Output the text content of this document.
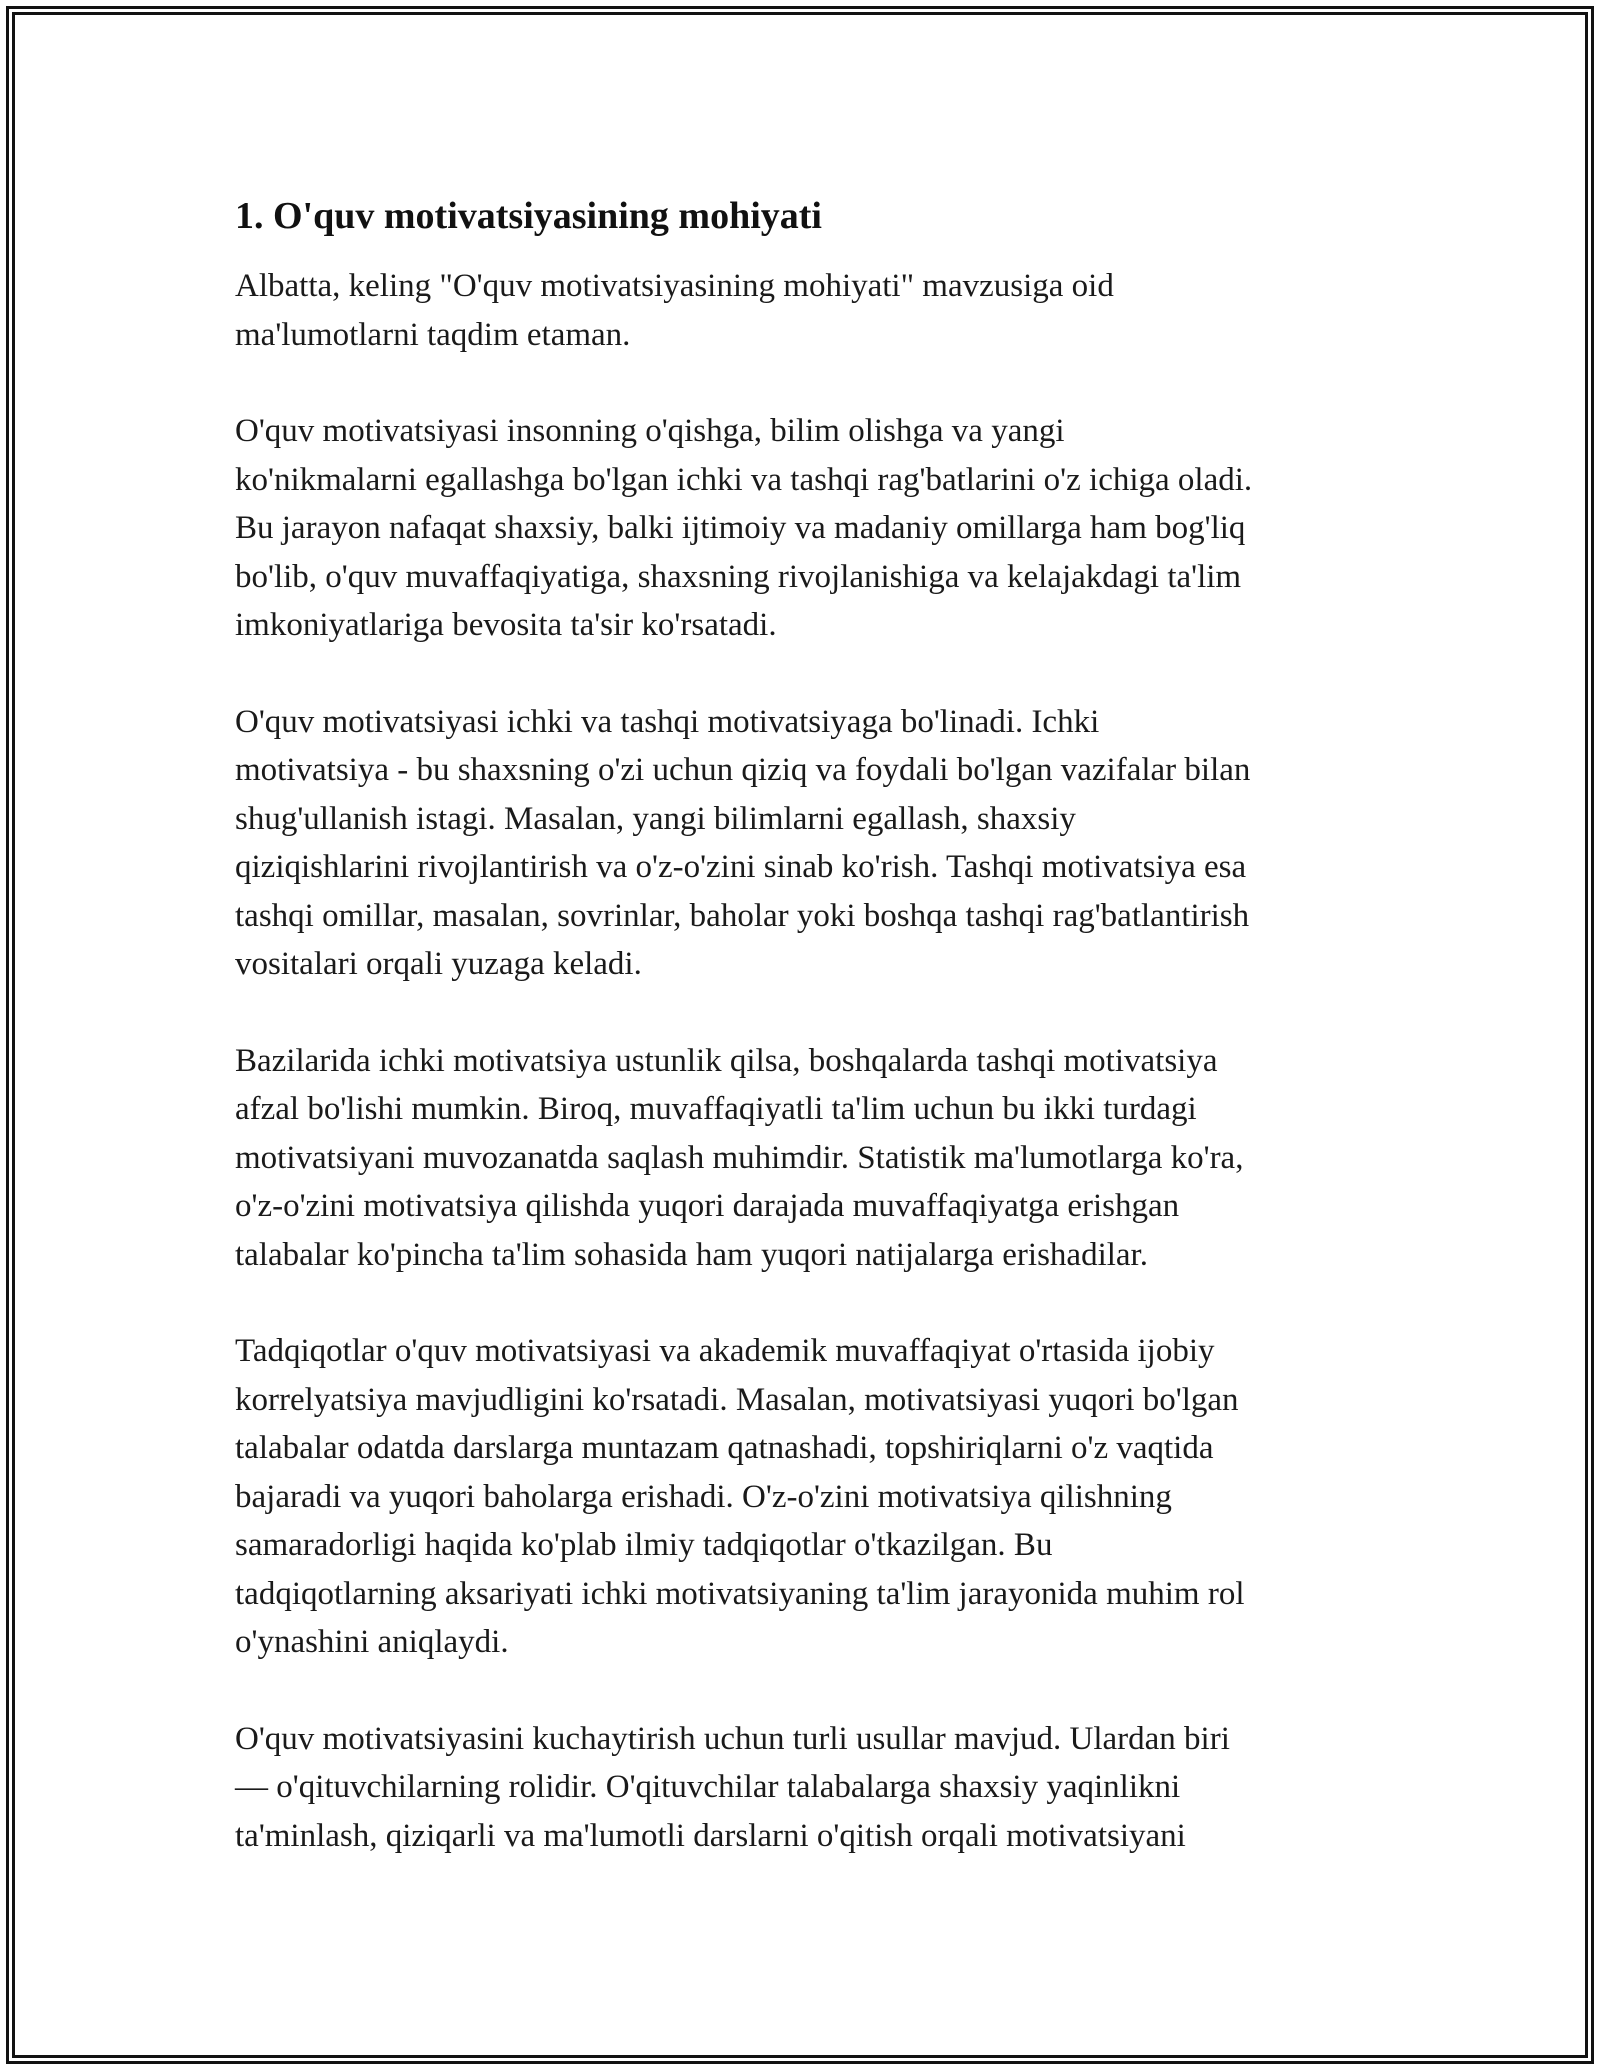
1. O'quv motivatsiyasining mohiyati

Albatta, keling "O'quv motivatsiyasining mohiyati" mavzusiga oid
ma'lumotlarni taqdim etaman.

O'quv motivatsiyasi insonning o'qishga, bilim olishga va yangi
ko'nikmalarni egallashga bo'lgan ichki va tashqi rag'batlarini o'z ichiga oladi.
Bu jarayon nafaqat shaxsiy, balki ijtimoiy va madaniy omillarga ham bog'liq
bo'lib, o'quv muvaffaqiyatiga, shaxsning rivojlanishiga va kelajakdagi ta'lim
imkoniyatlariga bevosita ta'sir ko'rsatadi.

O'quv motivatsiyasi ichki va tashqi motivatsiyaga bo'linadi. Ichki
motivatsiya - bu shaxsning o'zi uchun qiziq va foydali bo'lgan vazifalar bilan
shug'ullanish istagi. Masalan, yangi bilimlarni egallash, shaxsiy
qiziqishlarini rivojlantirish va o'z-o'zini sinab ko'rish. Tashqi motivatsiya esa
tashqi omillar, masalan, sovrinlar, baholar yoki boshqa tashqi rag'batlantirish
vositalari orqali yuzaga keladi.

Bazilarida ichki motivatsiya ustunlik qilsa, boshqalarda tashqi motivatsiya
afzal bo'lishi mumkin. Biroq, muvaffaqiyatli ta'lim uchun bu ikki turdagi
motivatsiyani muvozanatda saqlash muhimdir. Statistik ma'lumotlarga ko'ra,
o'z-o'zini motivatsiya qilishda yuqori darajada muvaffaqiyatga erishgan
talabalar ko'pincha ta'lim sohasida ham yuqori natijalarga erishadilar.

Tadqiqotlar o'quv motivatsiyasi va akademik muvaffaqiyat o'rtasida ijobiy
korrelyatsiya mavjudligini ko'rsatadi. Masalan, motivatsiyasi yuqori bo'lgan
talabalar odatda darslarga muntazam qatnashadi, topshiriqlarni o'z vaqtida
bajaradi va yuqori baholarga erishadi. O'z-o'zini motivatsiya qilishning
samaradorligi haqida ko'plab ilmiy tadqiqotlar o'tkazilgan. Bu
tadqiqotlarning aksariyati ichki motivatsiyaning ta'lim jarayonida muhim rol
o'ynashini aniqlaydi.

O'quv motivatsiyasini kuchaytirish uchun turli usullar mavjud. Ulardan biri
— o'qituvchilarning rolidir. O'qituvchilar talabalarga shaxsiy yaqinlikni
ta'minlash, qiziqarli va ma'lumotli darslarni o'qitish orqali motivatsiyani
